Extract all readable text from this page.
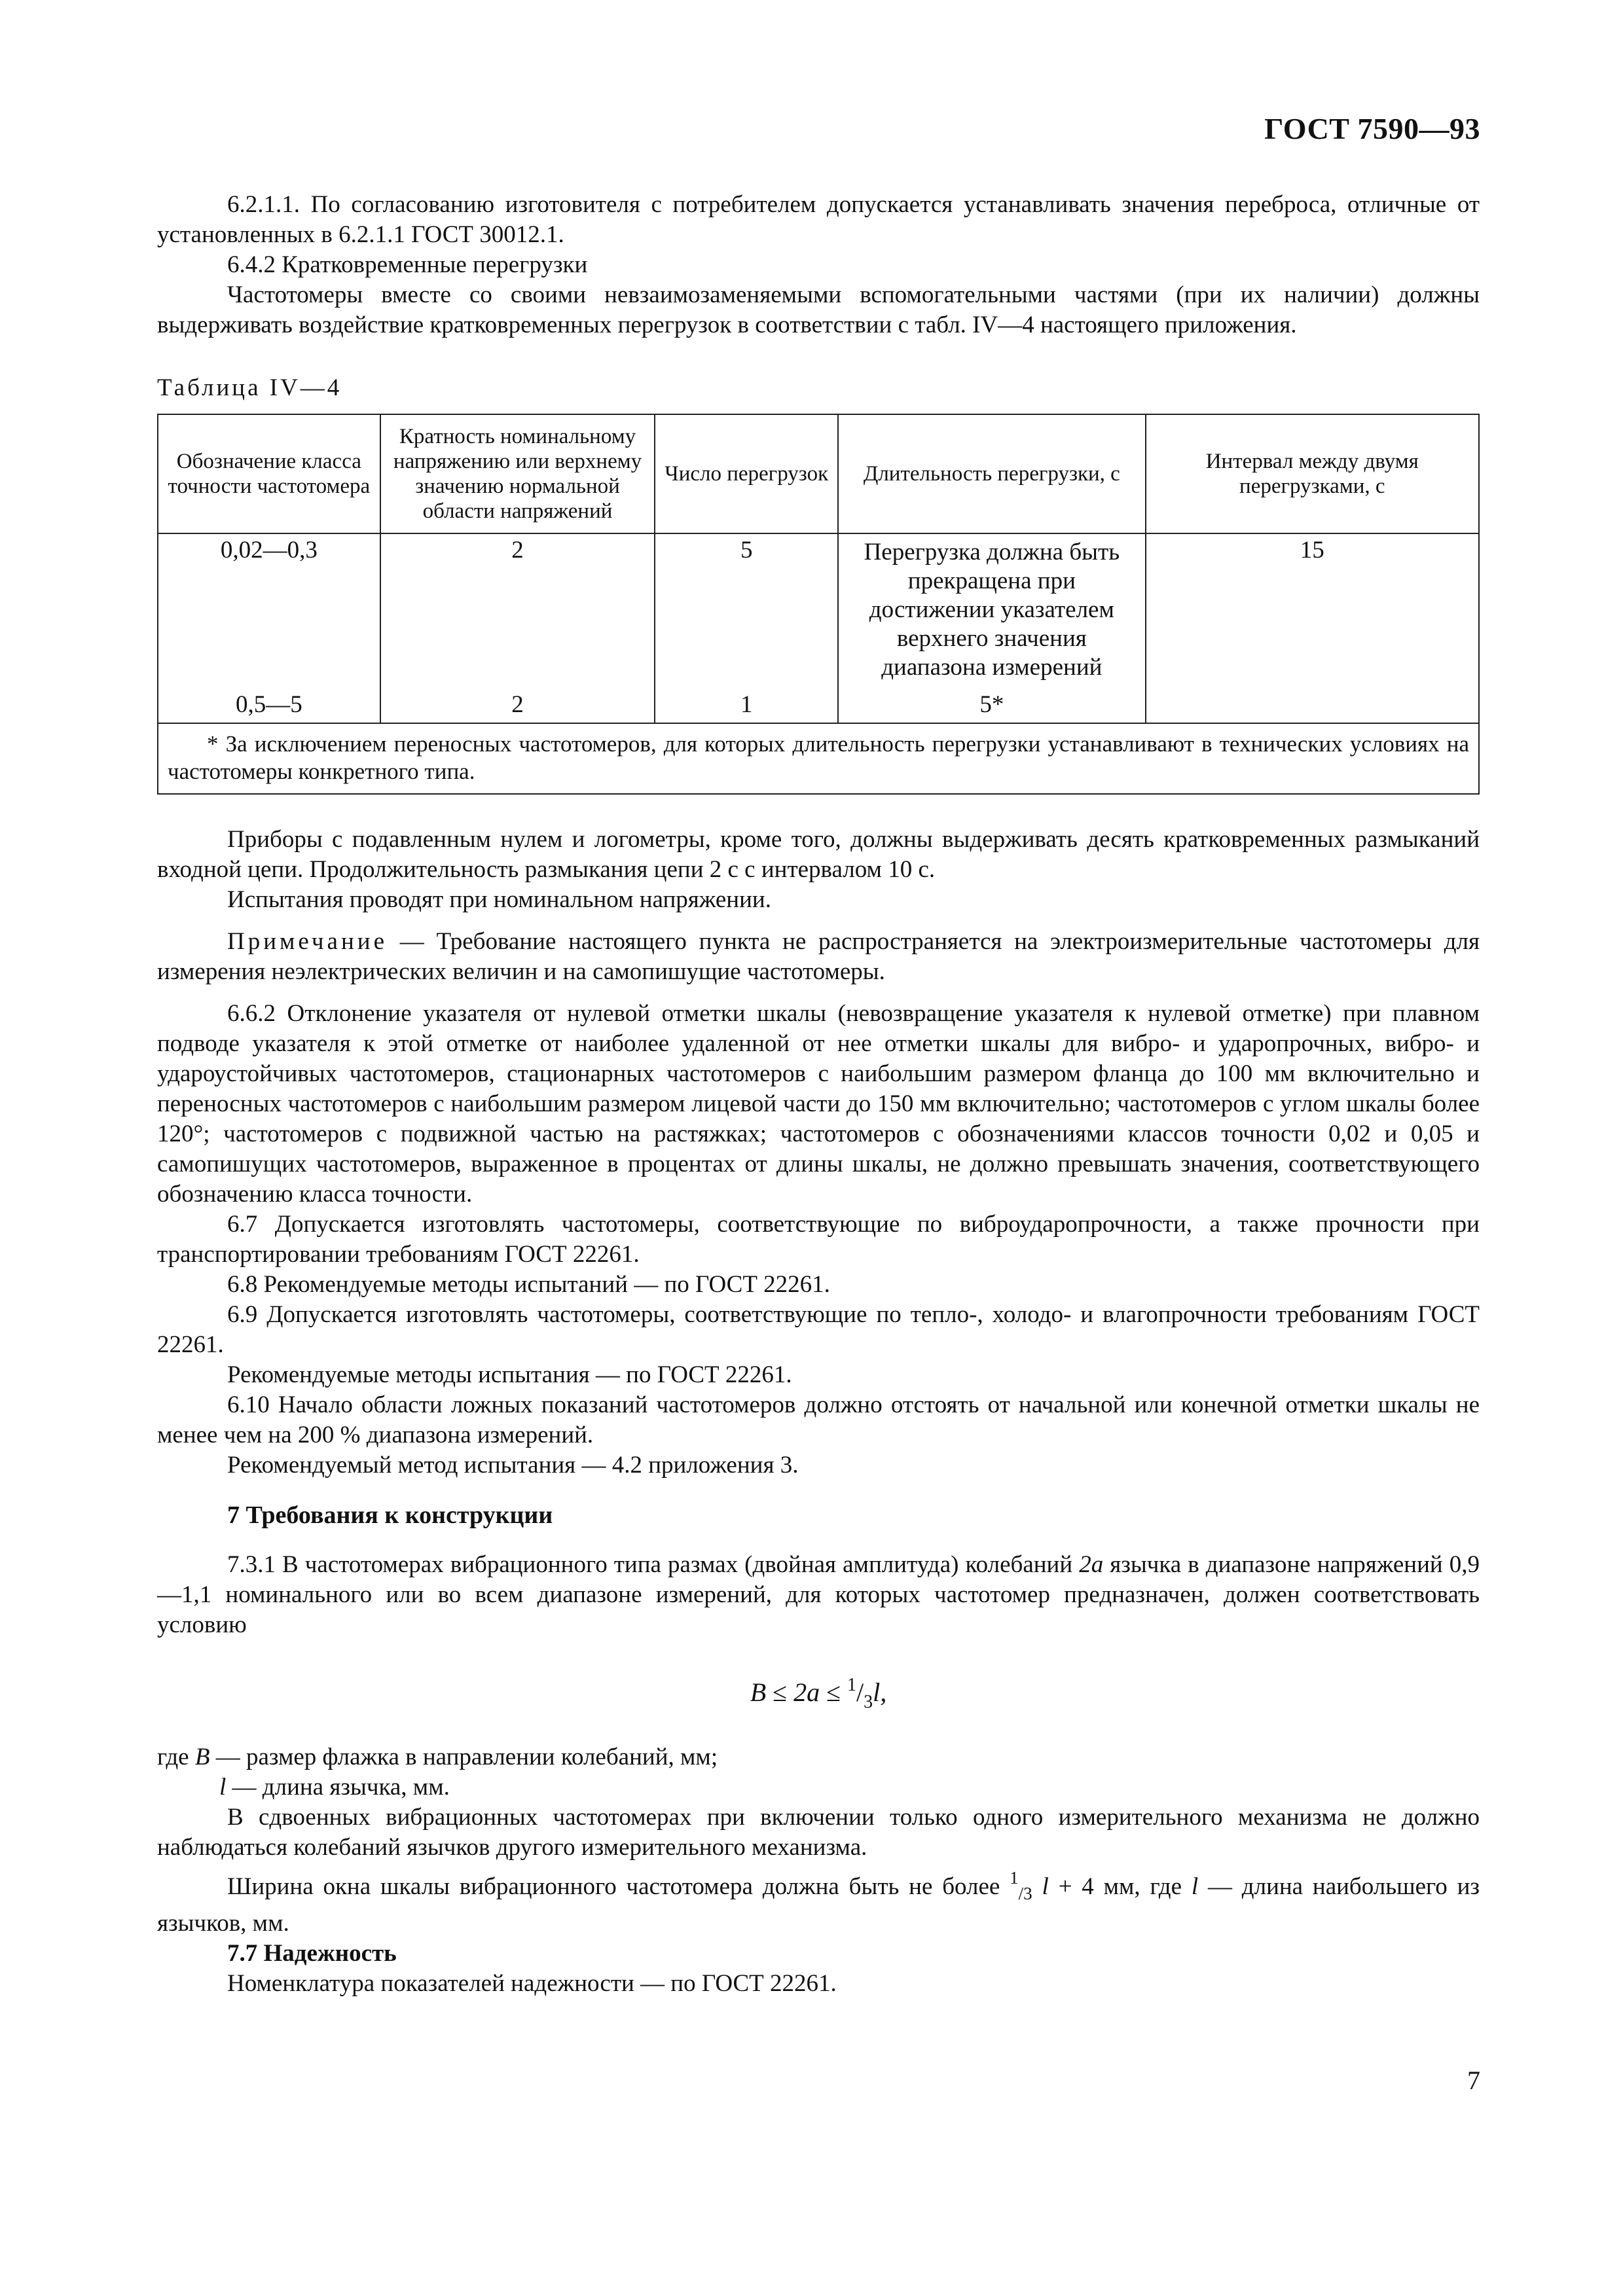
ГОСТ 7590—93

6.2.1.1. По согласованию изготовителя с потребителем допускается устанавливать значения переброса, отличные от установленных в 6.2.1.1 ГОСТ 30012.1.

6.4.2 Кратковременные перегрузки

Частотомеры вместе со своими невзаимозаменяемыми вспомогательными частями (при их наличии) должны выдерживать воздействие кратковременных перегрузок в соответствии с табл. IV—4 настоящего приложения.

Таблица IV—4

Обозначение класса точности частотомера	Кратность номинальному напряжению или верхнему значению нормальной области напряжений	Число перегрузок	Длительность перегрузки, с	Интервал между двумя перегрузками, с
0,02—0,3	2	5	Перегрузка должна быть прекращена при достижении указателем верхнего значения диапазона измерений	15
0,5—5	2	1	5*	
* За исключением переносных частотомеров, для которых длительность перегрузки устанавливают в технических условиях на частотомеры конкретного типа.				

Приборы с подавленным нулем и логометры, кроме того, должны выдерживать десять кратковременных размыканий входной цепи. Продолжительность размыкания цепи 2 с с интервалом 10 с.

Испытания проводят при номинальном напряжении.

Примечание — Требование настоящего пункта не распространяется на электроизмерительные частотомеры для измерения неэлектрических величин и на самопишущие частотомеры.

6.6.2 Отклонение указателя от нулевой отметки шкалы (невозвращение указателя к нулевой отметке) при плавном подводе указателя к этой отметке от наиболее удаленной от нее отметки шкалы для вибро- и ударопрочных, вибро- и удароустойчивых частотомеров, стационарных частотомеров с наибольшим размером фланца до 100 мм включительно и переносных частотомеров с наибольшим размером лицевой части до 150 мм включительно; частотомеров с углом шкалы более 120°; частотомеров с подвижной частью на растяжках; частотомеров с обозначениями классов точности 0,02 и 0,05 и самопишущих частотомеров, выраженное в процентах от длины шкалы, не должно превышать значения, соответствующего обозначению класса точности.

6.7 Допускается изготовлять частотомеры, соответствующие по виброударопрочности, а также прочности при транспортировании требованиям ГОСТ 22261.

6.8 Рекомендуемые методы испытаний — по ГОСТ 22261.

6.9 Допускается изготовлять частотомеры, соответствующие по тепло-, холодо- и влагопрочности требованиям ГОСТ 22261.

Рекомендуемые методы испытания — по ГОСТ 22261.

6.10 Начало области ложных показаний частотомеров должно отстоять от начальной или конечной отметки шкалы не менее чем на 200 % диапазона измерений.

Рекомендуемый метод испытания — 4.2 приложения 3.

7 Требования к конструкции

7.3.1 В частотомерах вибрационного типа размах (двойная амплитуда) колебаний 2a язычка в диапазоне напряжений 0,9—1,1 номинального или во всем диапазоне измерений, для которых частотомер предназначен, должен соответствовать условию

$B \le 2a \le ^1/_3l$,

где B — размер флажка в направлении колебаний, мм;

l — длина язычка, мм.

В сдвоенных вибрационных частотомерах при включении только одного измерительного механизма не должно наблюдаться колебаний язычков другого измерительного механизма.

Ширина окна шкалы вибрационного частотомера должна быть не более $^1_{/3}$ l + 4 мм, где l — длина наибольшего из язычков, мм.

7.7 Надежность

Номенклатура показателей надежности — по ГОСТ 22261.

7
